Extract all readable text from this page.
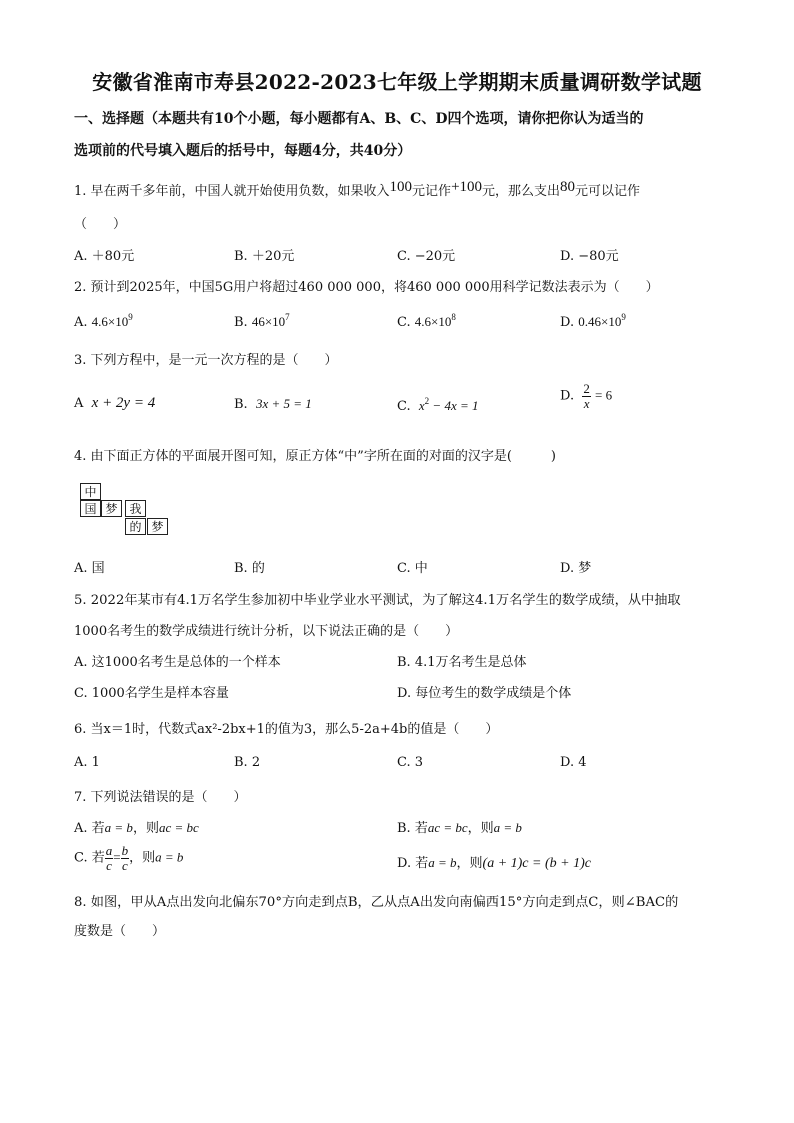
安徽省淮南市寿县2022-2023七年级上学期期末质量调研数学试题
一、选择题（本题共有10个小题，每小题都有A、B、C、D四个选项，请你把你认为适当的
选项前的代号填入题后的括号中，每题4分，共40分）
1. 早在两千多年前，中国人就开始使用负数，如果收入100元记作+100元，那么支出80元可以记作
（　　）
A. ＋80元	B. ＋20元	C. −20元	D. −80元
2. 预计到2025年，中国5G用户将超过460 000 000，将460 000 000用科学记数法表示为（　　）
A. $4.6\times 10^9$	B. $46\times 10^7$	C. $4.6\times 10^8$	D. $0.46\times 10^9$
3. 下列方程中，是一元一次方程的是（　　）
A x + 2y = 4	B. 3x + 5 = 1	C. $x^2 - 4x = 1$
D. $\frac{2}{x} = 6$
4. 由下面正方体的平面展开图可知，原正方体“中”字所在面的对面的汉字是(　　　)
中
国 梦 我
的 梦
A. 国	B. 的	C. 中	D. 梦
5. 2022年某市有4.1万名学生参加初中毕业学业水平测试，为了解这4.1万名学生的数学成绩，从中抽取
1000名考生的数学成绩进行统计分析，以下说法正确的是（　　）
A. 这1000名考生是总体的一个样本	B. 4.1万名考生是总体
C. 1000名学生是样本容量	D. 每位考生的数学成绩是个体
6. 当x＝1时，代数式ax²-2bx+1的值为3，那么5-2a+4b的值是（　　）
A. 1	B. 2	C. 3	D. 4
7. 下列说法错误的是（　　）
A. 若a = b，则ac = bc	B. 若ac = bc，则a = b
C. 若 $\frac{a}{c} = \frac{b}{c}$ ，则a = b	D. 若a = b，则(a + 1)c = (b + 1)c
8. 如图，甲从A点出发向北偏东70°方向走到点B，乙从点A出发向南偏西15°方向走到点C，则∠BAC的
度数是（　　）
